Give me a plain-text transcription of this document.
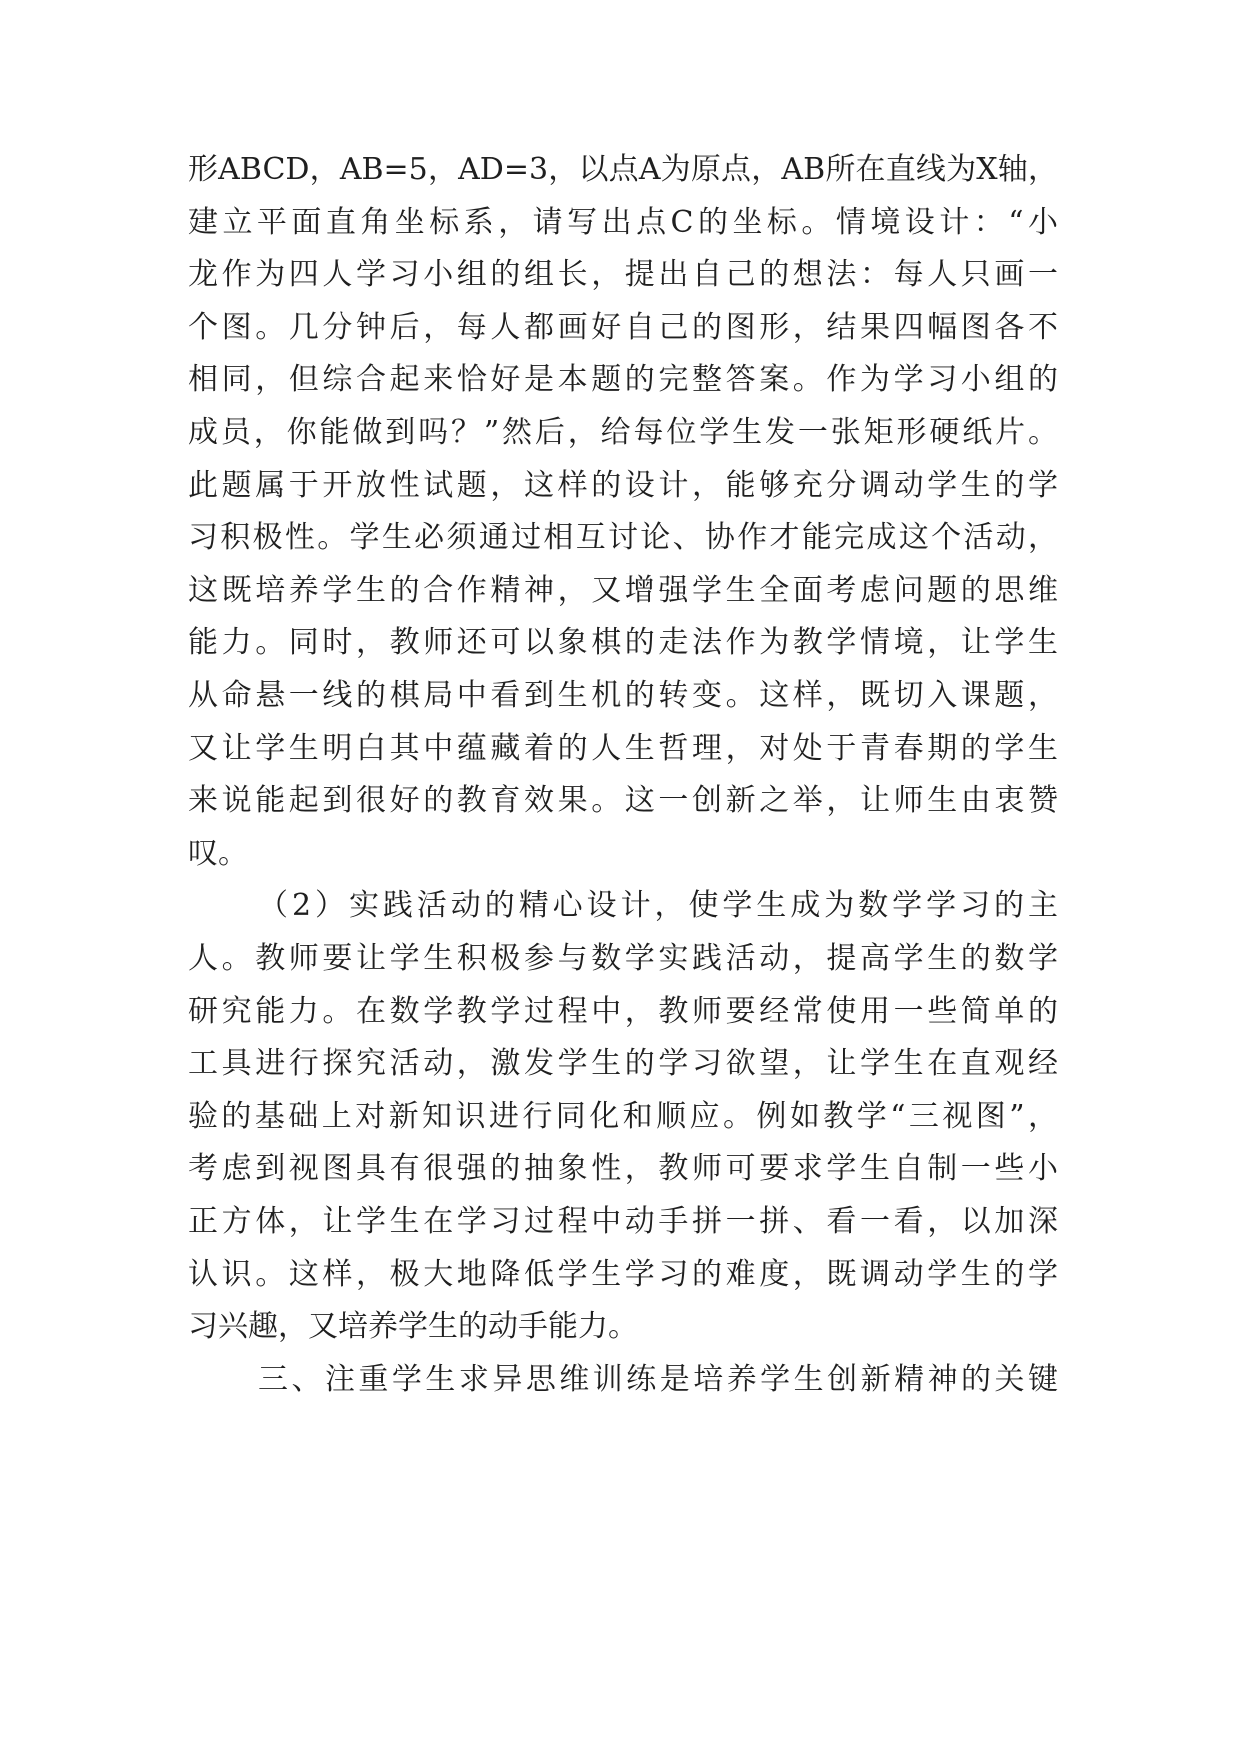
形ABCD，AB=5，AD=3，以点A为原点，AB所在直线为X轴，
建立平面直角坐标系，请写出点C的坐标。情境设计：“小
龙作为四人学习小组的组长，提出自己的想法：每人只画一
个图。几分钟后，每人都画好自己的图形，结果四幅图各不
相同，但综合起来恰好是本题的完整答案。作为学习小组的
成员，你能做到吗？”然后，给每位学生发一张矩形硬纸片。
此题属于开放性试题，这样的设计，能够充分调动学生的学
习积极性。学生必须通过相互讨论、协作才能完成这个活动，
这既培养学生的合作精神，又增强学生全面考虑问题的思维
能力。同时，教师还可以象棋的走法作为教学情境，让学生
从命悬一线的棋局中看到生机的转变。这样，既切入课题，
又让学生明白其中蕴藏着的人生哲理，对处于青春期的学生
来说能起到很好的教育效果。这一创新之举，让师生由衷赞
叹。
（2）实践活动的精心设计，使学生成为数学学习的主
人。教师要让学生积极参与数学实践活动，提高学生的数学
研究能力。在数学教学过程中，教师要经常使用一些简单的
工具进行探究活动，激发学生的学习欲望，让学生在直观经
验的基础上对新知识进行同化和顺应。例如教学“三视图”，
考虑到视图具有很强的抽象性，教师可要求学生自制一些小
正方体，让学生在学习过程中动手拼一拼、看一看，以加深
认识。这样，极大地降低学生学习的难度，既调动学生的学
习兴趣，又培养学生的动手能力。
三、注重学生求异思维训练是培养学生创新精神的关键
